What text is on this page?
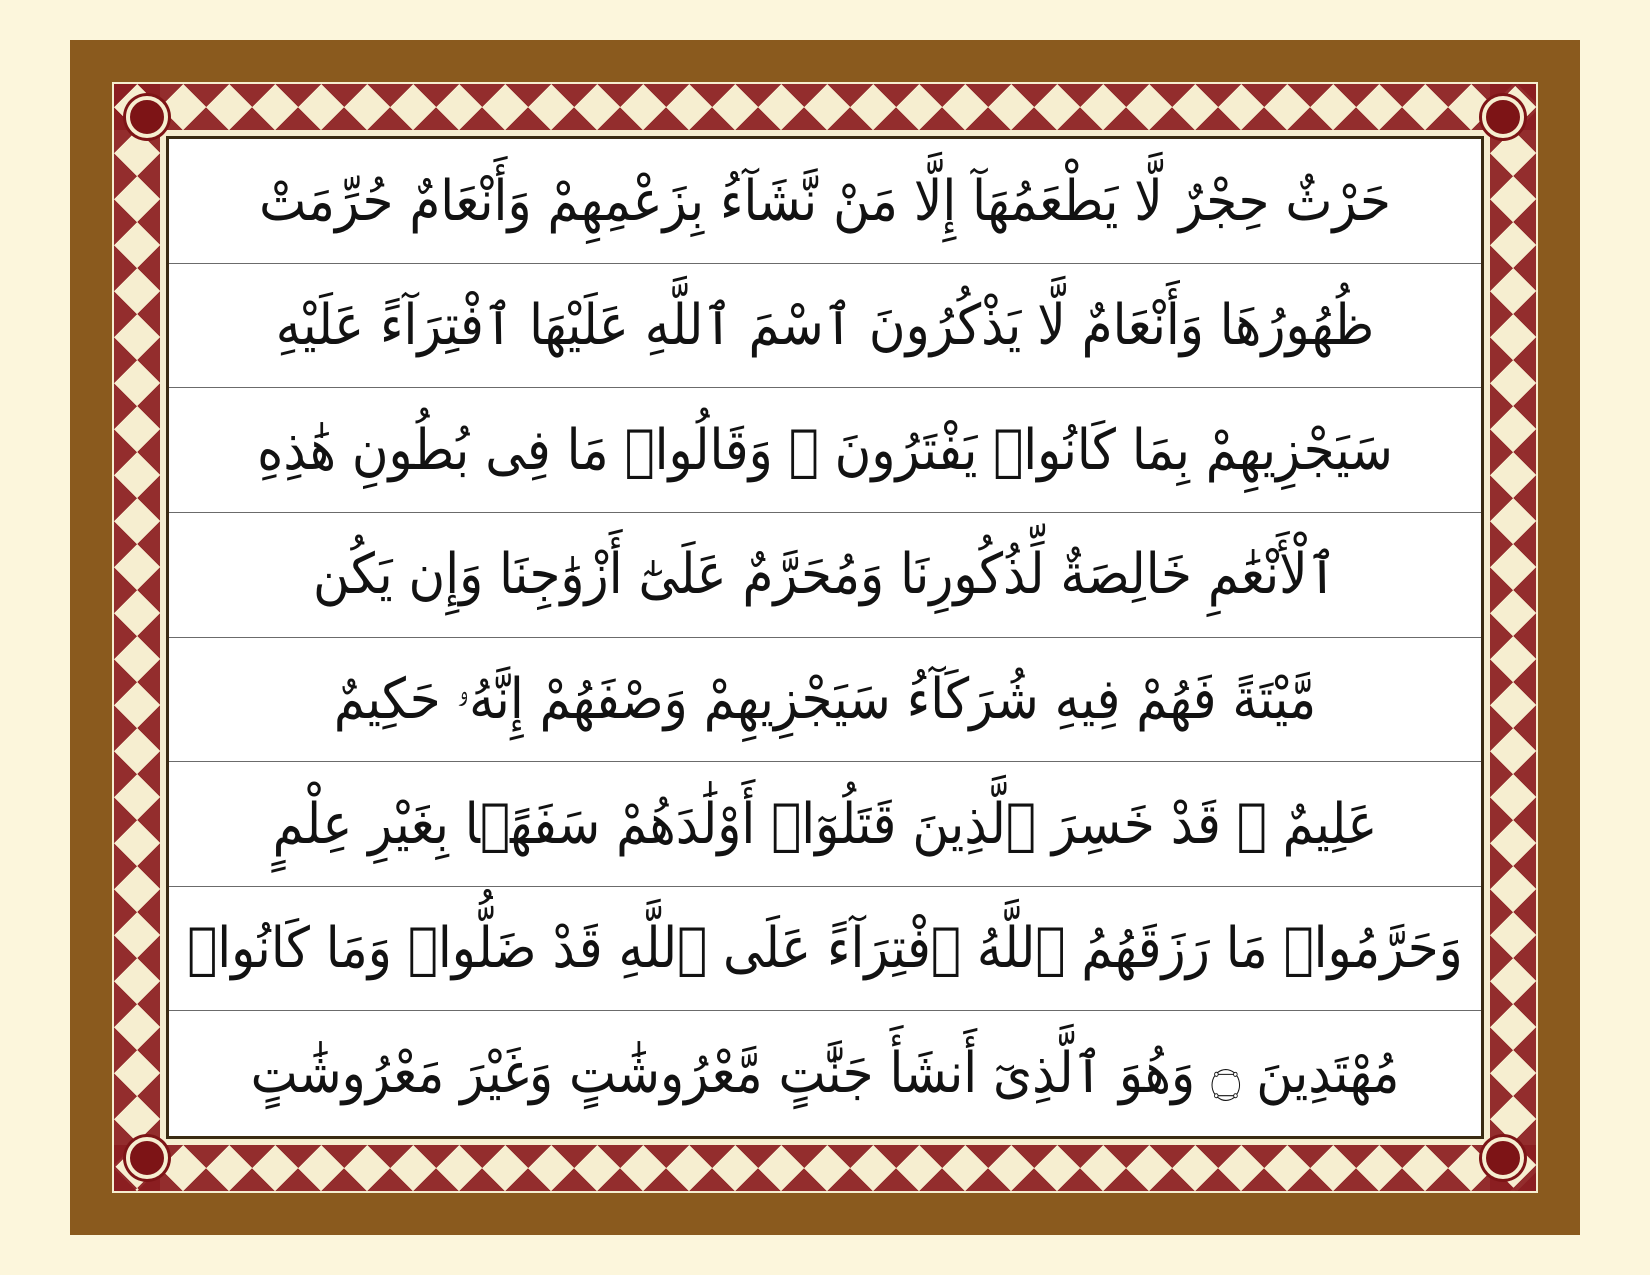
حَرْثٌ حِجْرٌ لَّا يَطْعَمُهَآ إِلَّا مَنْ نَّشَآءُ بِزَعْمِهِمْ وَأَنْعَامٌ حُرِّمَتْ
ظُهُورُهَا وَأَنْعَامٌ لَّا يَذْكُرُونَ ٱسْمَ ٱللَّهِ عَلَيْهَا ٱفْتِرَآءً عَلَيْهِ
سَيَجْزِيهِمْ بِمَا كَانُوا۟ يَفْتَرُونَ ۝ وَقَالُوا۟ مَا فِى بُطُونِ هَٰذِهِ
ٱلْأَنْعَٰمِ خَالِصَةٌ لِّذُكُورِنَا وَمُحَرَّمٌ عَلَىٰٓ أَزْوَٰجِنَا وَإِن يَكُن
مَّيْتَةً فَهُمْ فِيهِ شُرَكَآءُ سَيَجْزِيهِمْ وَصْفَهُمْ إِنَّهُۥ حَكِيمٌ
عَلِيمٌ ۝ قَدْ خَسِرَ ٱلَّذِينَ قَتَلُوٓا۟ أَوْلَٰدَهُمْ سَفَهًۢا بِغَيْرِ عِلْمٍ
وَحَرَّمُوا۟ مَا رَزَقَهُمُ ٱللَّهُ ٱفْتِرَآءً عَلَى ٱللَّهِ قَدْ ضَلُّوا۟ وَمَا كَانُوا۟
مُهْتَدِينَ ۝ وَهُوَ ٱلَّذِىٓ أَنشَأَ جَنَّٰتٍ مَّعْرُوشَٰتٍ وَغَيْرَ مَعْرُوشَٰتٍ
